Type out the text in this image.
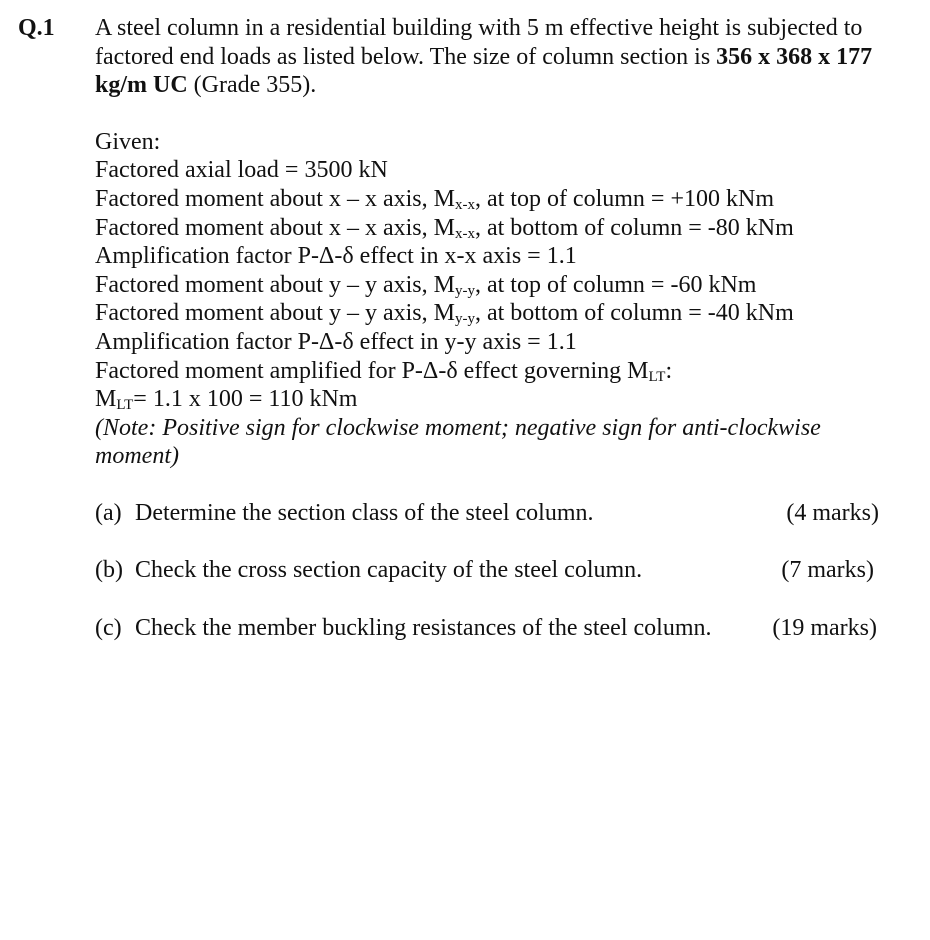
Q.1 A steel column in a residential building with 5 m effective height is subjected to factored end loads as listed below. The size of column section is 356 x 368 x 177 kg/m UC (Grade 355).

Given:
Factored axial load = 3500 kN
Factored moment about x – x axis, $M_{x-x}$, at top of column = +100 kNm
Factored moment about x – x axis, $M_{x-x}$, at bottom of column = -80 kNm
Amplification factor P-Δ-δ effect in x-x axis = 1.1
Factored moment about y – y axis, $M_{y-y}$, at top of column = -60 kNm
Factored moment about y – y axis, $M_{y-y}$, at bottom of column = -40 kNm
Amplification factor P-Δ-δ effect in y-y axis = 1.1
Factored moment amplified for P-Δ-δ effect governing $M_{LT}$:
$M_{LT}= 1.1$ x 100 = 110 kNm
(Note: Positive sign for clockwise moment; negative sign for anti-clockwise moment)
(a) Determine the section class of the steel column.	(4 marks)
(b) Check the cross section capacity of the steel column.	(7 marks)
(c) Check the member buckling resistances of the steel column.	(19 marks)
